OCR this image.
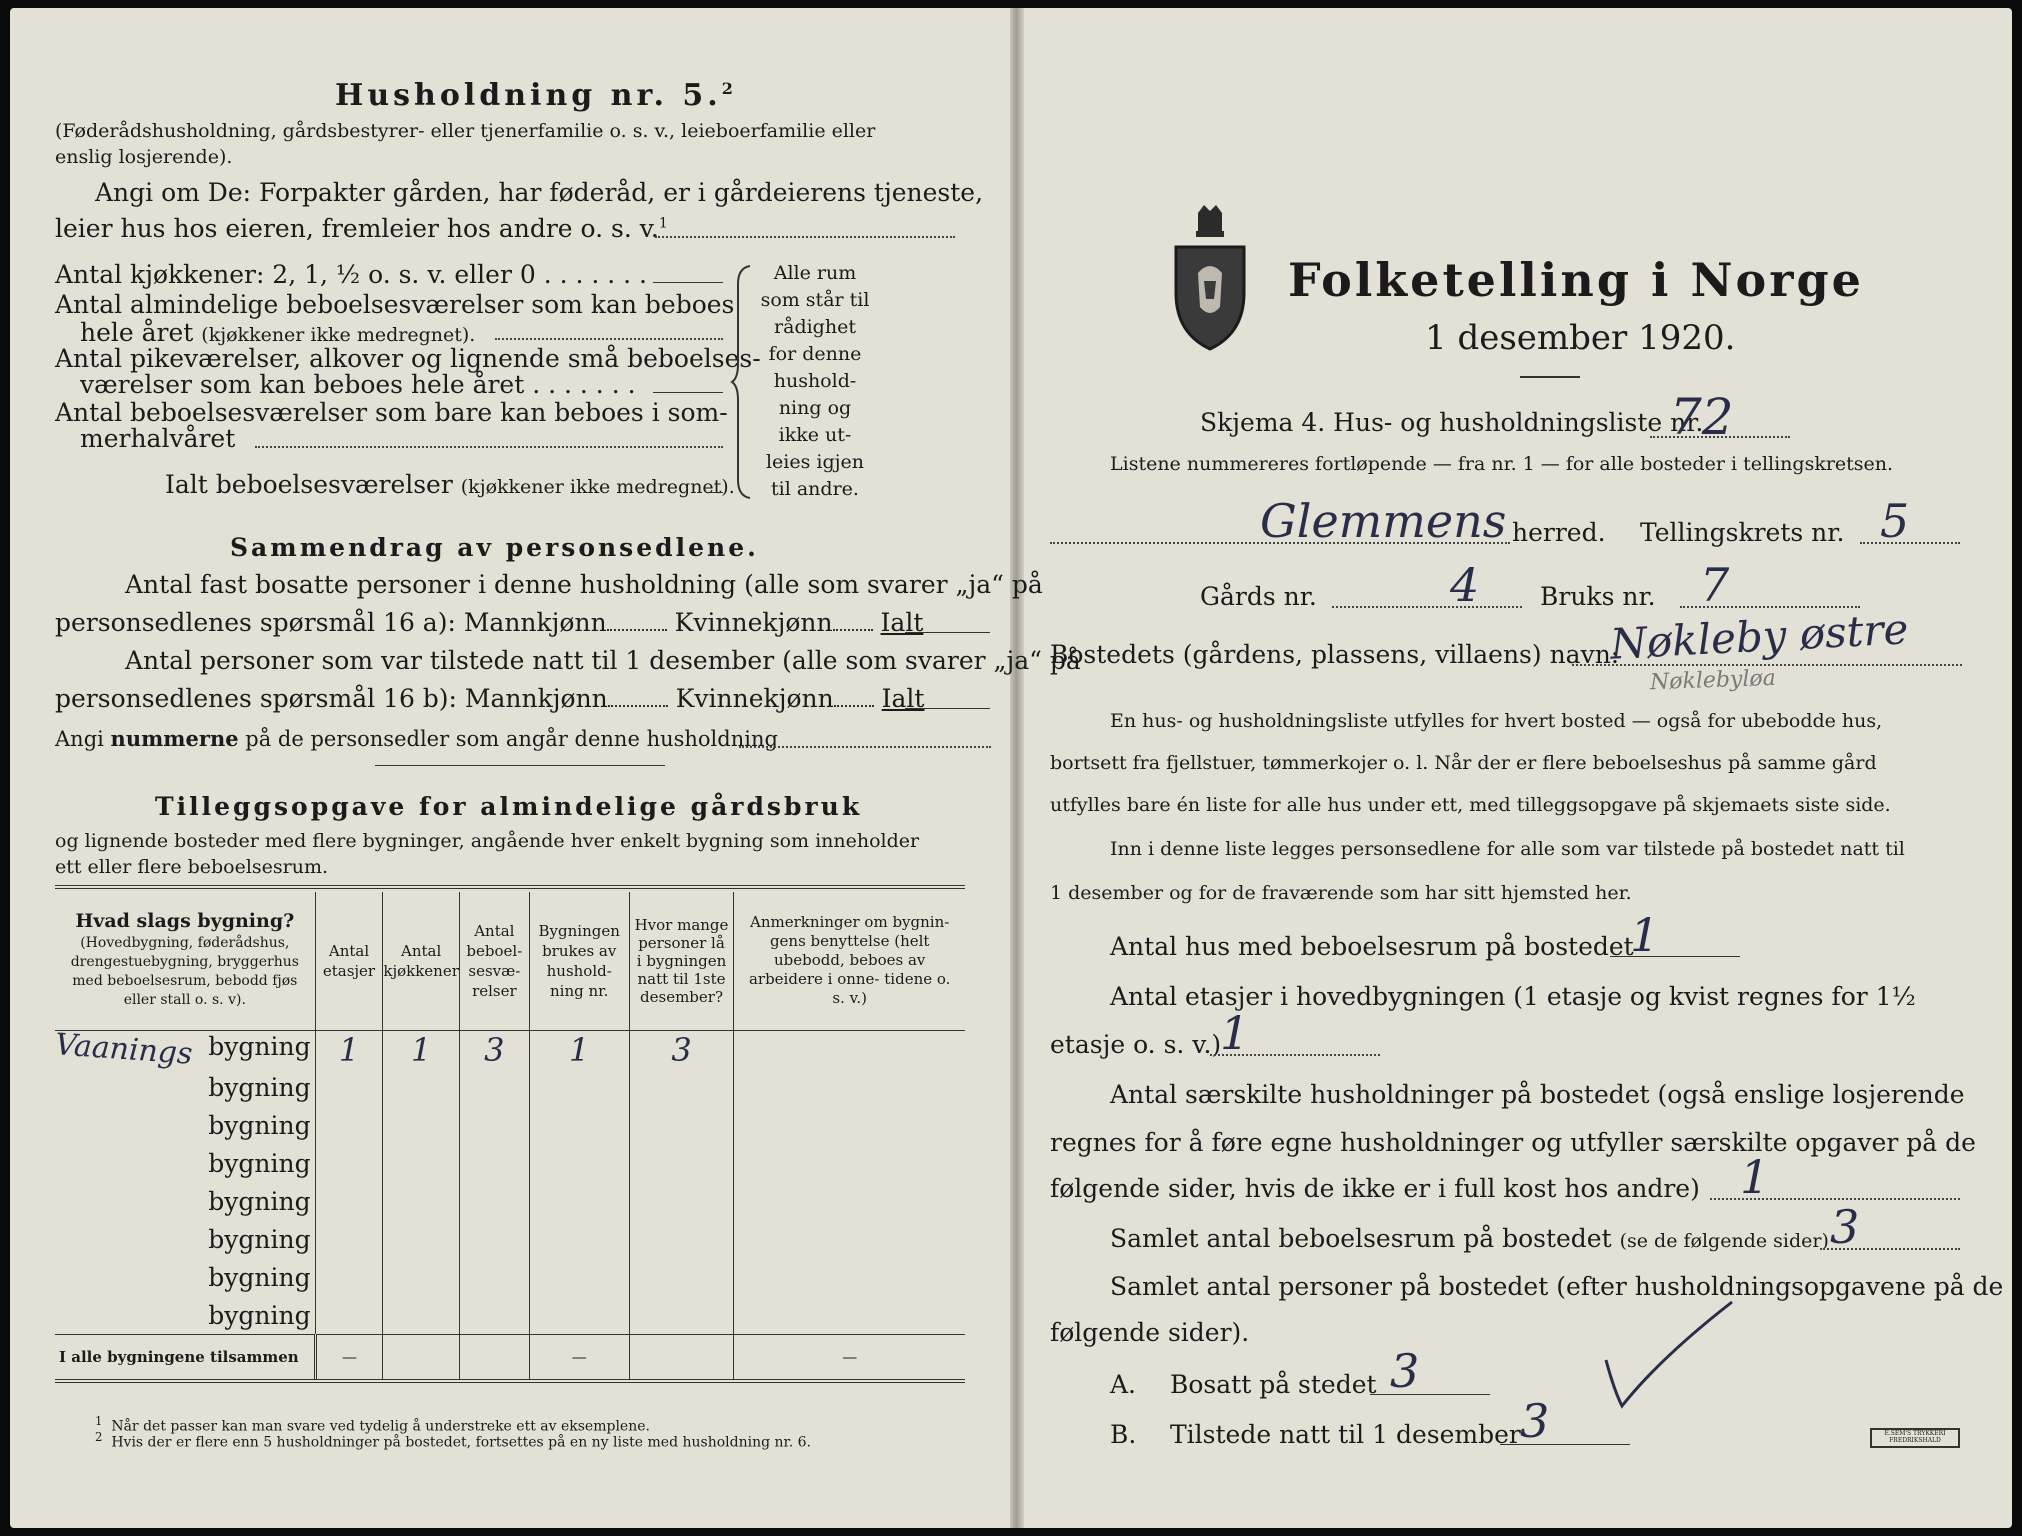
Husholdning nr. 5.$^2$
(Føderådshusholdning, gårdsbestyrer- eller tjenerfamilie o. s. v., leieboerfamilie eller
enslig losjerende).
Angi om De: Forpakter gården, har føderåd, er i gårdeierens tjeneste,
leier hus hos eieren, fremleier hos andre o. s. v.$^1$
Antal kjøkkener: 2, 1, ½ o. s. v. eller 0 . . . . . . .
Antal almindelige beboelsesværelser som kan beboes
hele året (kjøkkener ikke medregnet).
Antal pikeværelser, alkover og lignende små beboelses-
værelser som kan beboes hele året . . . . . . .
Antal beboelsesværelser som bare kan beboes i som-
merhalvåret
Ialt beboelsesværelser (kjøkkener ikke medregnet).
Alle rum
som står til
rådighet
for denne
hushold-
ning og
ikke ut-
leies igjen
til andre.
Sammendrag av personsedlene.
Antal fast bosatte personer i denne husholdning (alle som svarer „ja“ på
personsedlenes spørsmål 16 a): Mannkjønn	Kvinnekjønn Ialt
Antal personer som var tilstede natt til 1 desember (alle som svarer „ja“ på
personsedlenes spørsmål 16 b): Mannkjønn	Kvinnekjønn Ialt
Angi nummerne på de personsedler som angår denne husholdning
Tilleggsopgave for almindelige gårdsbruk
og lignende bosteder med flere bygninger, angående hver enkelt bygning som inneholder
ett eller flere beboelsesrum.
Hvad slags bygning?
(Hovedbygning, føderådshus, drengestuebygning, bryggerhus med beboelsesrum, bebodd fjøs eller stall o. s. v).	Antal etasjer	Antal kjøkkener	Antal beboel- sesvæ- relser	Bygningen brukes av hushold- ning nr.	Hvor mange personer lå i bygningen natt til 1ste desember?	Anmerkninger om bygnin- gens benyttelse (helt ubebodd, beboes av arbeidere i onne- tidene o. s. v.)

Vaanings bygning	1	1	3	1	3	
bygning						
bygning						
bygning						
bygning						
bygning						
bygning						
bygning						
I alle bygningene tilsammen	—			—		—
$^1$ Når det passer kan man svare ved tydelig å understreke ett av eksemplene.
$^2$ Hvis der er flere enn 5 husholdninger på bostedet, fortsettes på en ny liste med husholdning nr. 6.
Folketelling i Norge
1 desember 1920.
Skjema 4. Hus- og husholdningsliste nr.
72
Listene nummereres fortløpende — fra nr. 1 — for alle bosteder i tellingskretsen.
Glemmens herred. Tellingskrets nr. 5
Gårds nr.	4 Bruks nr. 7
Bostedets (gårdens, plassens, villaens) navn:
Nøkleby østre
Nøklebyløa
En hus- og husholdningsliste utfylles for hvert bosted — også for ubebodde hus,
bortsett fra fjellstuer, tømmerkojer o. l. Når der er flere beboelseshus på samme gård
utfylles bare én liste for alle hus under ett, med tilleggsopgave på skjemaets siste side.
Inn i denne liste legges personsedlene for alle som var tilstede på bostedet natt til
1 desember og for de fraværende som har sitt hjemsted her.
Antal hus med beboelsesrum på bostedet
1
Antal etasjer i hovedbygningen (1 etasje og kvist regnes for 1½
etasje o. s. v.)
1
Antal særskilte husholdninger på bostedet (også enslige losjerende
regnes for å føre egne husholdninger og utfyller særskilte opgaver på de
følgende sider, hvis de ikke er i full kost hos andre) 1
Samlet antal beboelsesrum på bostedet (se de følgende sider) 3
Samlet antal personer på bostedet (efter husholdningsopgavene på de
følgende sider).
A. Bosatt på stedet 3
B. Tilstede natt til 1 desember 3	E.SEM'S TRYKKERI FREDRIKSHALD
